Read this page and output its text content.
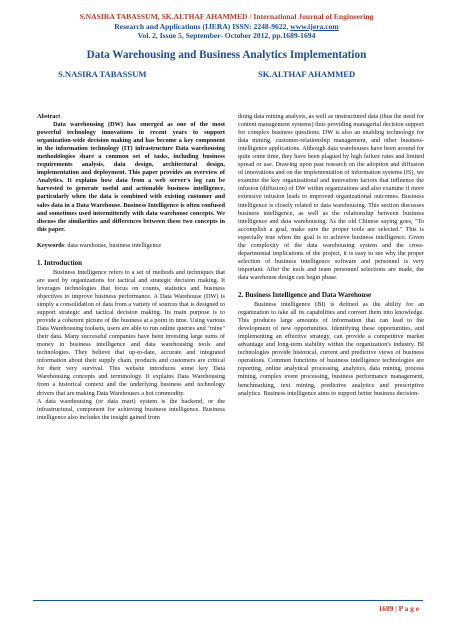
S.NASIRA TABASSUM, SK.ALTHAF AHAMMED / International Journal of Engineering
Research and Applications (IJERA) ISSN: 2248-9622, www.ijera.com
Vol. 2, Issue 5, September- October 2012, pp.1689-1694
Data Warehousing and Business Analytics Implementation
S.NASIRA TABASSUM	SK.ALTHAF AHAMMED

Abstract

Data warehousing (DW) has emerged as one of the most powerful technology innovations in recent years to support organization-wide decision making and has become a key component in the information technology (IT) infrastructure Data warehousing methodologies share a common set of tasks, including business requirements analysis, data design, architectural design, implementation and deployment. This paper provides an overview of Analytics. It explains how data from a web server's log can be harvested to generate useful and actionable business intelligence, particularly when the data is combined with existing customer and sales data in a Data Warehouse. Business Intelligence is often confused and sometimes used intermittently with data warehouse concepts. We discuss the similarities and differences between these two concepts in this paper.

Keywords: data warehouse, business intelligence

1. Introduction

Business Intelligence refers to a set of methods and techniques that are used by organizations for tactical and strategic decision making. It leverages technologies that focus on counts, statistics and business objectives to improve business performance. A Data Warehouse (DW) is simply a consolidation of data from a variety of sources that is designed to support strategic and tactical decision making. Its main purpose is to provide a coherent picture of the business at a point in time. Using various Data Warehousing toolsets, users are able to run online queries and "mine" their data. Many successful companies have been investing large sums of money in business intelligence and data warehousing tools and technologies. They believe that up-to-date, accurate and integrated information about their supply chain, products and customers are critical for their very survival. This website introduces some key Data Warehousing concepts and terminology. It explains Data Warehousing from a historical context and the underlying business and technology drivers that are making Data Warehouses a hot commodity.

A data warehousing (or data mart) system is the backend, or the infrastructural, component for achieving business intelligence. Business intelligence also includes the insight gained from

doing data mining analysis, as well as unstructured data (thus the need for content management systems) thus providing managerial decision support for complex business questions. DW is also an enabling technology for data mining, customer-relationship management, and other business-intelligence applications. Although data warehouses have been around for quite some time, they have been plagued by high failure rates and limited spread or use. Drawing upon past research on the adoption and diffusion of innovations and on the implementation of information systems (IS), we examine the key organizational and innovation factors that influence the infusion (diffusion) of DW within organizations and also examine if more extensive infusion leads to improved organizational outcomes. Business intelligence is closely related to data warehousing. This section discusses business intelligence, as well as the relationship between business intelligence and data warehousing. As the old Chinese saying goes, "To accomplish a goal, make sure the proper tools are selected." This is especially true when the goal is to achieve business intelligence. Given the complexity of the data warehousing system and the cross-departmental implications of the project, it is easy to see why the proper selection of business intelligence software and personnel is very important. After the tools and team personnel selections are made, the data warehouse design can begin phase.

2. Business Intelligence and Data Warehouse

Business intelligence (BI) is defined as the ability for an organization to take all its capabilities and convert them into knowledge. This produces large amounts of information that can lead to the development of new opportunities. Identifying these opportunities, and implementing an effective strategy, can provide a competitive market advantage and long-term stability within the organization's industry. BI technologies provide historical, current and predictive views of business operations. Common functions of business intelligence technologies are reporting, online analytical processing, analytics, data mining, process mining, complex event processing, business performance management, benchmarking, text mining, predictive analytics and prescriptive analytics. Business intelligence aims to support better business decision-

1689 | P a g e
